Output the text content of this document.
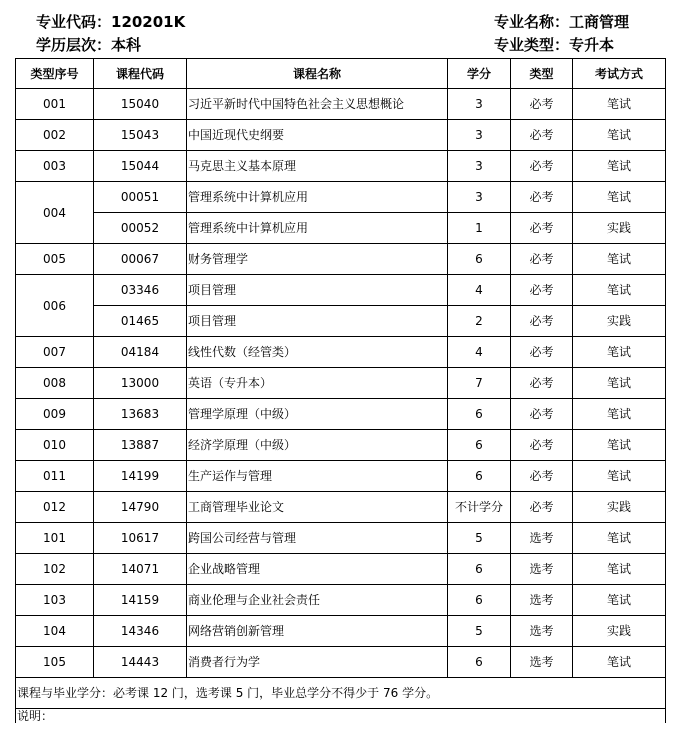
专业代码：120201K	专业名称：工商管理
学历层次：本科	专业类型：专升本
类型序号	课程代码	课程名称	学分	类型	考试方式
001	15040	习近平新时代中国特色社会主义思想概论	3	必考	笔试
002	15043	中国近现代史纲要	3	必考	笔试
003	15044	马克思主义基本原理	3	必考	笔试
004	00051	管理系统中计算机应用	3	必考	笔试
	00052	管理系统中计算机应用	1	必考	实践
005	00067	财务管理学	6	必考	笔试
006	03346	项目管理	4	必考	笔试
	01465	项目管理	2	必考	实践
007	04184	线性代数（经管类）	4	必考	笔试
008	13000	英语（专升本）	7	必考	笔试
009	13683	管理学原理（中级）	6	必考	笔试
010	13887	经济学原理（中级）	6	必考	笔试
011	14199	生产运作与管理	6	必考	笔试
012	14790	工商管理毕业论文	不计学分	必考	实践
101	10617	跨国公司经营与管理	5	选考	笔试
102	14071	企业战略管理	6	选考	笔试
103	14159	商业伦理与企业社会责任	6	选考	笔试
104	14346	网络营销创新管理	5	选考	实践
105	14443	消费者行为学	6	选考	笔试
课程与毕业学分：必考课 12 门，选考课 5 门，毕业总学分不得少于 76 学分。					
说明：					
